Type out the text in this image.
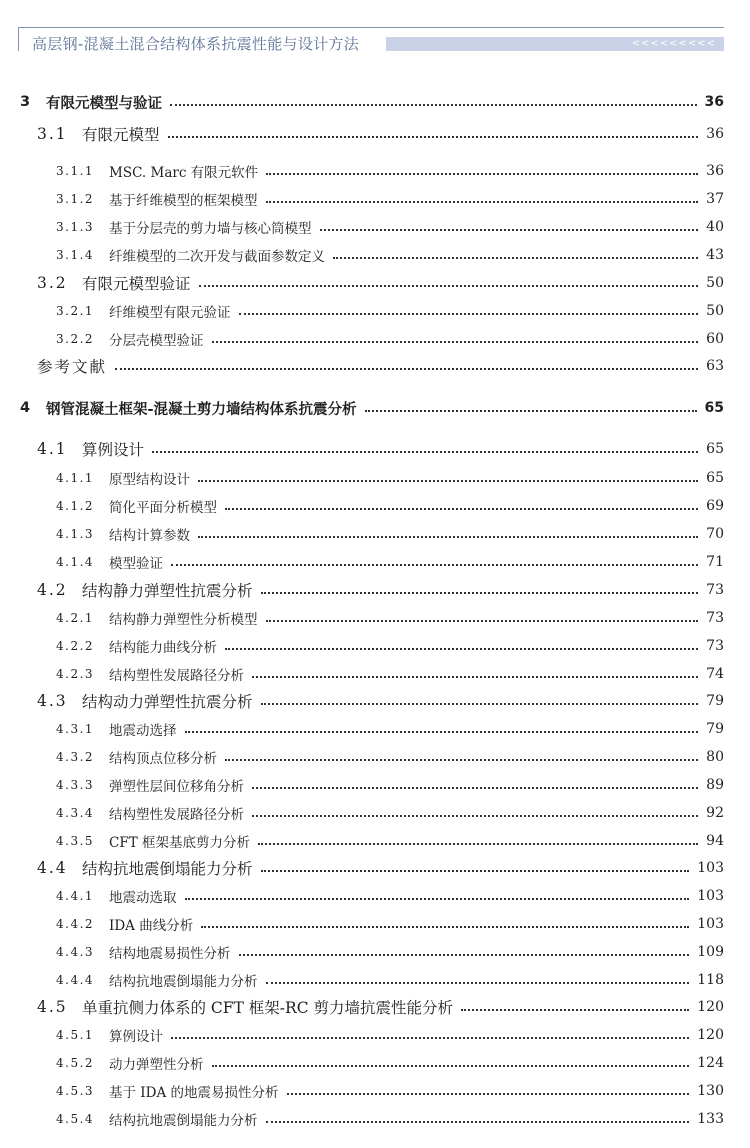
高层钢-混凝土混合结构体系抗震性能与设计方法	<<<<<<<<<
3	有限元模型与验证	36
3.1 有限元模型	36
3.1.1	MSC. Marc 有限元软件	36
3.1.2	基于纤维模型的框架模型	37
3.1.3	基于分层壳的剪力墙与核心筒模型	40
3.1.4	纤维模型的二次开发与截面参数定义	43
3.2 有限元模型验证	50
3.2.1	纤维模型有限元验证	50
3.2.2	分层壳模型验证	60
参考文献	63
4	钢管混凝土框架-混凝土剪力墙结构体系抗震分析	65
4.1 算例设计	65
4.1.1	原型结构设计	65
4.1.2	简化平面分析模型	69
4.1.3	结构计算参数	70
4.1.4	模型验证	71
4.2 结构静力弹塑性抗震分析	73
4.2.1	结构静力弹塑性分析模型	73
4.2.2	结构能力曲线分析	73
4.2.3	结构塑性发展路径分析	74
4.3 结构动力弹塑性抗震分析	79
4.3.1	地震动选择	79
4.3.2	结构顶点位移分析	80
4.3.3	弹塑性层间位移角分析	89
4.3.4	结构塑性发展路径分析	92
4.3.5	CFT 框架基底剪力分析	94
4.4 结构抗地震倒塌能力分析	103
4.4.1	地震动选取	103
4.4.2	IDA 曲线分析	103
4.4.3	结构地震易损性分析	109
4.4.4	结构抗地震倒塌能力分析	118
4.5 单重抗侧力体系的 CFT 框架-RC 剪力墙抗震性能分析	120
4.5.1	算例设计	120
4.5.2	动力弹塑性分析	124
4.5.3	基于 IDA 的地震易损性分析	130
4.5.4	结构抗地震倒塌能力分析	133
